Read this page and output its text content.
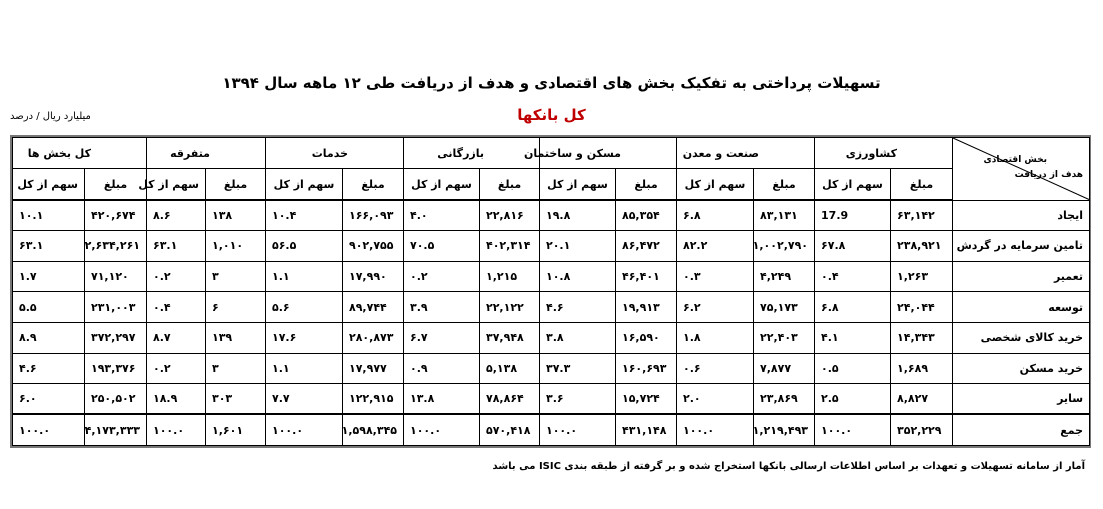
تسهیلات پرداختی به تفکیک بخش های اقتصادی و هدف از دریافت طی ۱۲ ماهه سال ۱۳۹۴
کل بانکها
میلیارد ریال / درصد
بخش اقتصادی
هدف از دریافت	کشاورزی		صنعت و معدن		مسکن و ساختمان		بازرگانی		خدمات		متفرقه		کل بخش ها	
	مبلغ	سهم از کل	مبلغ	سهم از کل	مبلغ	سهم از کل	مبلغ	سهم از کل	مبلغ	سهم از کل	مبلغ	سهم از کل	مبلغ	سهم از کل
ایجاد	۶۳,۱۴۲	17.9	۸۳,۱۳۱	۶.۸	۸۵,۳۵۴	۱۹.۸	۲۲,۸۱۶	۴.۰	۱۶۶,۰۹۳	۱۰.۴	۱۳۸	۸.۶	۴۲۰,۶۷۴	۱۰.۱
تامین سرمایه در گردش	۲۳۸,۹۲۱	۶۷.۸	۱,۰۰۲,۷۹۰	۸۲.۲	۸۶,۴۷۲	۲۰.۱	۴۰۲,۳۱۴	۷۰.۵	۹۰۲,۷۵۵	۵۶.۵	۱,۰۱۰	۶۳.۱	۲,۶۳۴,۲۶۱	۶۳.۱
تعمیر	۱,۲۶۳	۰.۴	۴,۲۴۹	۰.۳	۴۶,۴۰۱	۱۰.۸	۱,۲۱۵	۰.۲	۱۷,۹۹۰	۱.۱	۳	۰.۲	۷۱,۱۲۰	۱.۷
توسعه	۲۴,۰۴۴	۶.۸	۷۵,۱۷۳	۶.۲	۱۹,۹۱۳	۴.۶	۲۲,۱۲۲	۳.۹	۸۹,۷۴۴	۵.۶	۶	۰.۴	۲۳۱,۰۰۳	۵.۵
خرید کالای شخصی	۱۴,۳۴۳	۴.۱	۲۲,۴۰۳	۱.۸	۱۶,۵۹۰	۳.۸	۳۷,۹۴۸	۶.۷	۲۸۰,۸۷۳	۱۷.۶	۱۳۹	۸.۷	۳۷۲,۲۹۷	۸.۹
خرید مسکن	۱,۶۸۹	۰.۵	۷,۸۷۷	۰.۶	۱۶۰,۶۹۳	۳۷.۳	۵,۱۳۸	۰.۹	۱۷,۹۷۷	۱.۱	۳	۰.۲	۱۹۳,۳۷۶	۴.۶
سایر	۸,۸۲۷	۲.۵	۲۳,۸۶۹	۲.۰	۱۵,۷۲۴	۳.۶	۷۸,۸۶۴	۱۳.۸	۱۲۲,۹۱۵	۷.۷	۳۰۳	۱۸.۹	۲۵۰,۵۰۲	۶.۰
جمع	۳۵۲,۲۲۹	۱۰۰.۰	۱,۲۱۹,۴۹۳	۱۰۰.۰	۴۳۱,۱۴۸	۱۰۰.۰	۵۷۰,۴۱۸	۱۰۰.۰	۱,۵۹۸,۳۴۵	۱۰۰.۰	۱,۶۰۱	۱۰۰.۰	۴,۱۷۳,۳۳۳	۱۰۰.۰
آمار از سامانه تسهیلات و تعهدات بر اساس اطلاعات ارسالی بانکها استخراج شده و بر گرفته از طبقه بندی ISIC می باشد
